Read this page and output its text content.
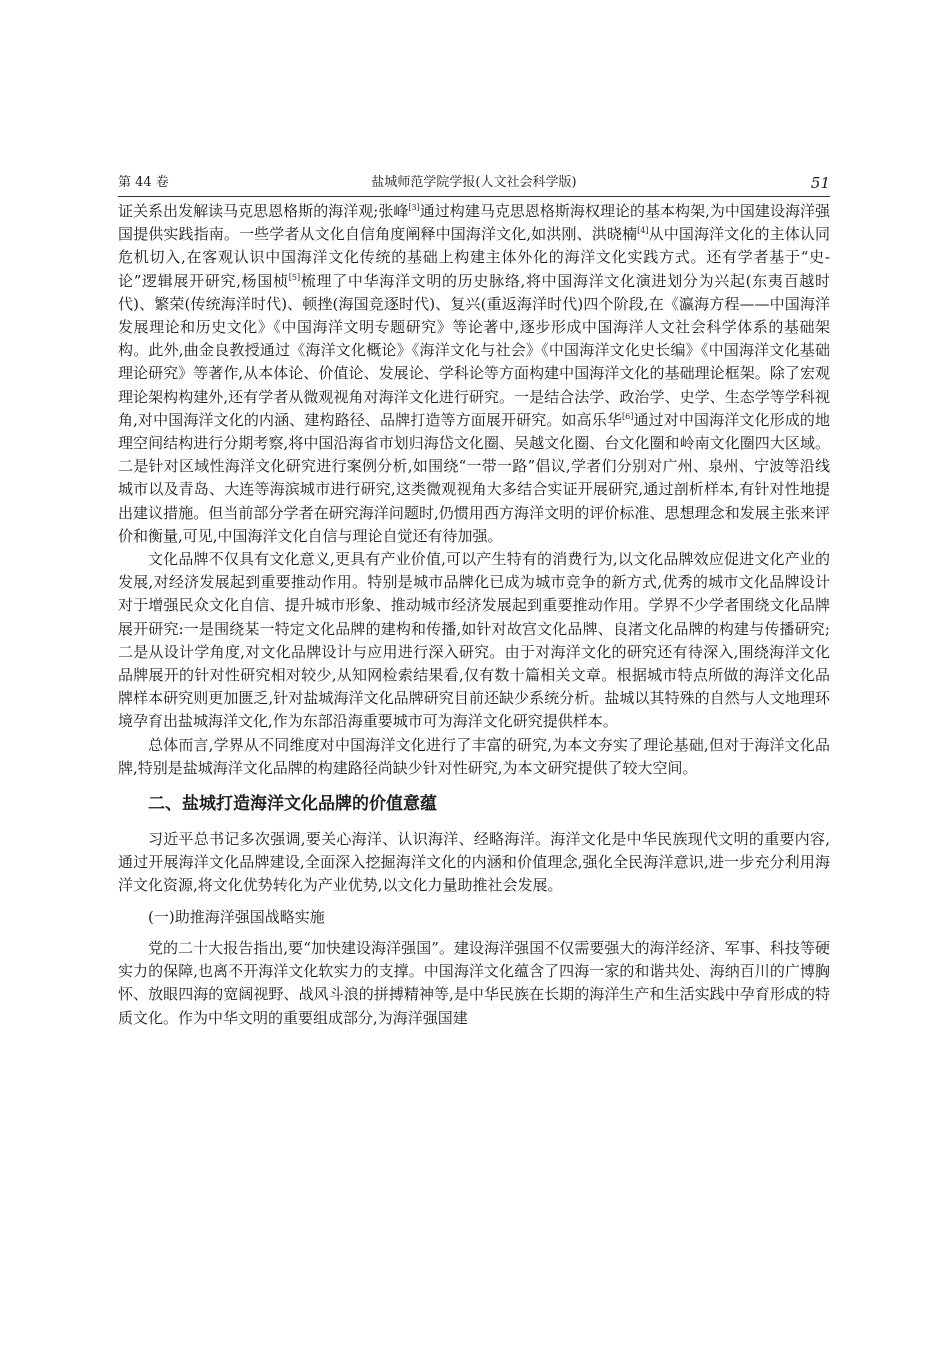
第 44 卷	盐城师范学院学报(人文社会科学版)	51

证关系出发解读马克思恩格斯的海洋观;张峰[3]通过构建马克思恩格斯海权理论的基本构架,为中国建设海洋强国提供实践指南。一些学者从文化自信角度阐释中国海洋文化,如洪刚、洪晓楠[4]从中国海洋文化的主体认同危机切入,在客观认识中国海洋文化传统的基础上构建主体外化的海洋文化实践方式。还有学者基于“史-论”逻辑展开研究,杨国桢[5]梳理了中华海洋文明的历史脉络,将中国海洋文化演进划分为兴起(东夷百越时代)、繁荣(传统海洋时代)、顿挫(海国竞逐时代)、复兴(重返海洋时代)四个阶段,在《瀛海方程——中国海洋发展理论和历史文化》《中国海洋文明专题研究》等论著中,逐步形成中国海洋人文社会科学体系的基础架构。此外,曲金良教授通过《海洋文化概论》《海洋文化与社会》《中国海洋文化史长编》《中国海洋文化基础理论研究》等著作,从本体论、价值论、发展论、学科论等方面构建中国海洋文化的基础理论框架。除了宏观理论架构构建外,还有学者从微观视角对海洋文化进行研究。一是结合法学、政治学、史学、生态学等学科视角,对中国海洋文化的内涵、建构路径、品牌打造等方面展开研究。如高乐华[6]通过对中国海洋文化形成的地理空间结构进行分期考察,将中国沿海省市划归海岱文化圈、吴越文化圈、台文化圈和岭南文化圈四大区域。二是针对区域性海洋文化研究进行案例分析,如围绕“一带一路”倡议,学者们分别对广州、泉州、宁波等沿线城市以及青岛、大连等海滨城市进行研究,这类微观视角大多结合实证开展研究,通过剖析样本,有针对性地提出建议措施。但当前部分学者在研究海洋问题时,仍惯用西方海洋文明的评价标准、思想理念和发展主张来评价和衡量,可见,中国海洋文化自信与理论自觉还有待加强。

文化品牌不仅具有文化意义,更具有产业价值,可以产生特有的消费行为,以文化品牌效应促进文化产业的发展,对经济发展起到重要推动作用。特别是城市品牌化已成为城市竞争的新方式,优秀的城市文化品牌设计对于增强民众文化自信、提升城市形象、推动城市经济发展起到重要推动作用。学界不少学者围绕文化品牌展开研究:一是围绕某一特定文化品牌的建构和传播,如针对故宫文化品牌、良渚文化品牌的构建与传播研究;二是从设计学角度,对文化品牌设计与应用进行深入研究。由于对海洋文化的研究还有待深入,围绕海洋文化品牌展开的针对性研究相对较少,从知网检索结果看,仅有数十篇相关文章。根据城市特点所做的海洋文化品牌样本研究则更加匮乏,针对盐城海洋文化品牌研究目前还缺少系统分析。盐城以其特殊的自然与人文地理环境孕育出盐城海洋文化,作为东部沿海重要城市可为海洋文化研究提供样本。

总体而言,学界从不同维度对中国海洋文化进行了丰富的研究,为本文夯实了理论基础,但对于海洋文化品牌,特别是盐城海洋文化品牌的构建路径尚缺少针对性研究,为本文研究提供了较大空间。

二、盐城打造海洋文化品牌的价值意蕴

习近平总书记多次强调,要关心海洋、认识海洋、经略海洋。海洋文化是中华民族现代文明的重要内容,通过开展海洋文化品牌建设,全面深入挖掘海洋文化的内涵和价值理念,强化全民海洋意识,进一步充分利用海洋文化资源,将文化优势转化为产业优势,以文化力量助推社会发展。

(一)助推海洋强国战略实施

党的二十大报告指出,要“加快建设海洋强国”。建设海洋强国不仅需要强大的海洋经济、军事、科技等硬实力的保障,也离不开海洋文化软实力的支撑。中国海洋文化蕴含了四海一家的和谐共处、海纳百川的广博胸怀、放眼四海的宽阔视野、战风斗浪的拼搏精神等,是中华民族在长期的海洋生产和生活实践中孕育形成的特质文化。作为中华文明的重要组成部分,为海洋强国建
